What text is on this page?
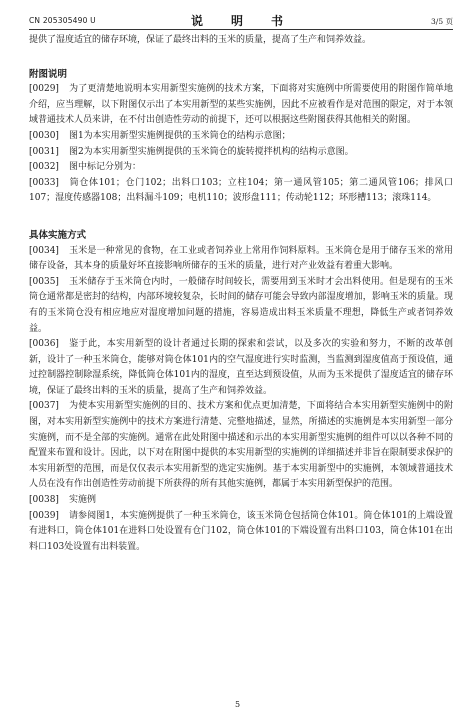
CN 205305490 U	说　明　书	3/5 页

提供了湿度适宜的储存环境，保证了最终出料的玉米的质量，提高了生产和饲养效益。

附图说明

[0029] 为了更清楚地说明本实用新型实施例的技术方案，下面将对实施例中所需要使用的附图作简单地介绍，应当理解，以下附图仅示出了本实用新型的某些实施例，因此不应被看作是对范围的限定，对于本领域普通技术人员来讲，在不付出创造性劳动的前提下，还可以根据这些附图获得其他相关的附图。

[0030] 图1为本实用新型实施例提供的玉米筒仓的结构示意图；

[0031] 图2为本实用新型实施例提供的玉米筒仓的旋转搅拌机构的结构示意图。

[0032] 图中标记分别为：

[0033] 筒仓体101；仓门102；出料口103；立柱104；第一通风管105；第二通风管106；排风口107；湿度传感器108；出料漏斗109；电机110；波形盘111；传动轮112；环形槽113；滚珠114。

具体实施方式

[0034] 玉米是一种常见的食物，在工业或者饲养业上常用作饲料原料。玉米筒仓是用于储存玉米的常用储存设备，其本身的质量好坏直接影响所储存的玉米的质量，进行对产业效益有着重大影响。

[0035] 玉米储存于玉米筒仓内时，一般储存时间较长，需要用到玉米时才会出料使用。但是现有的玉米筒仓通常都是密封的结构，内部环境较复杂，长时间的储存可能会导致内部湿度增加，影响玉米的质量。现有的玉米筒仓没有相应地应对湿度增加问题的措施，容易造成出料玉米质量不理想，降低生产或者饲养效益。

[0036] 鉴于此，本实用新型的设计者通过长期的探索和尝试，以及多次的实验和努力，不断的改革创新，设计了一种玉米筒仓，能够对筒仓体101内的空气湿度进行实时监测，当监测到湿度值高于预设值，通过控制器控制除湿系统，降低筒仓体101内的湿度，直至达到预设值，从而为玉米提供了湿度适宜的储存环境，保证了最终出料的玉米的质量，提高了生产和饲养效益。

[0037] 为使本实用新型实施例的目的、技术方案和优点更加清楚，下面将结合本实用新型实施例中的附图，对本实用新型实施例中的技术方案进行清楚、完整地描述，显然，所描述的实施例是本实用新型一部分实施例，而不是全部的实施例。通常在此处附图中描述和示出的本实用新型实施例的组件可以以各种不同的配置来布置和设计。因此，以下对在附图中提供的本实用新型的实施例的详细描述并非旨在限制要求保护的本实用新型的范围，而是仅仅表示本实用新型的选定实施例。基于本实用新型中的实施例，本领域普通技术人员在没有作出创造性劳动前提下所获得的所有其他实施例，都属于本实用新型保护的范围。

[0038] 实施例

[0039] 请参阅图1，本实施例提供了一种玉米筒仓，该玉米筒仓包括筒仓体101。筒仓体101的上端设置有进料口，筒仓体101在进料口处设置有仓门102，筒仓体101的下端设置有出料口103，筒仓体101在出料口103处设置有出料装置。

5
